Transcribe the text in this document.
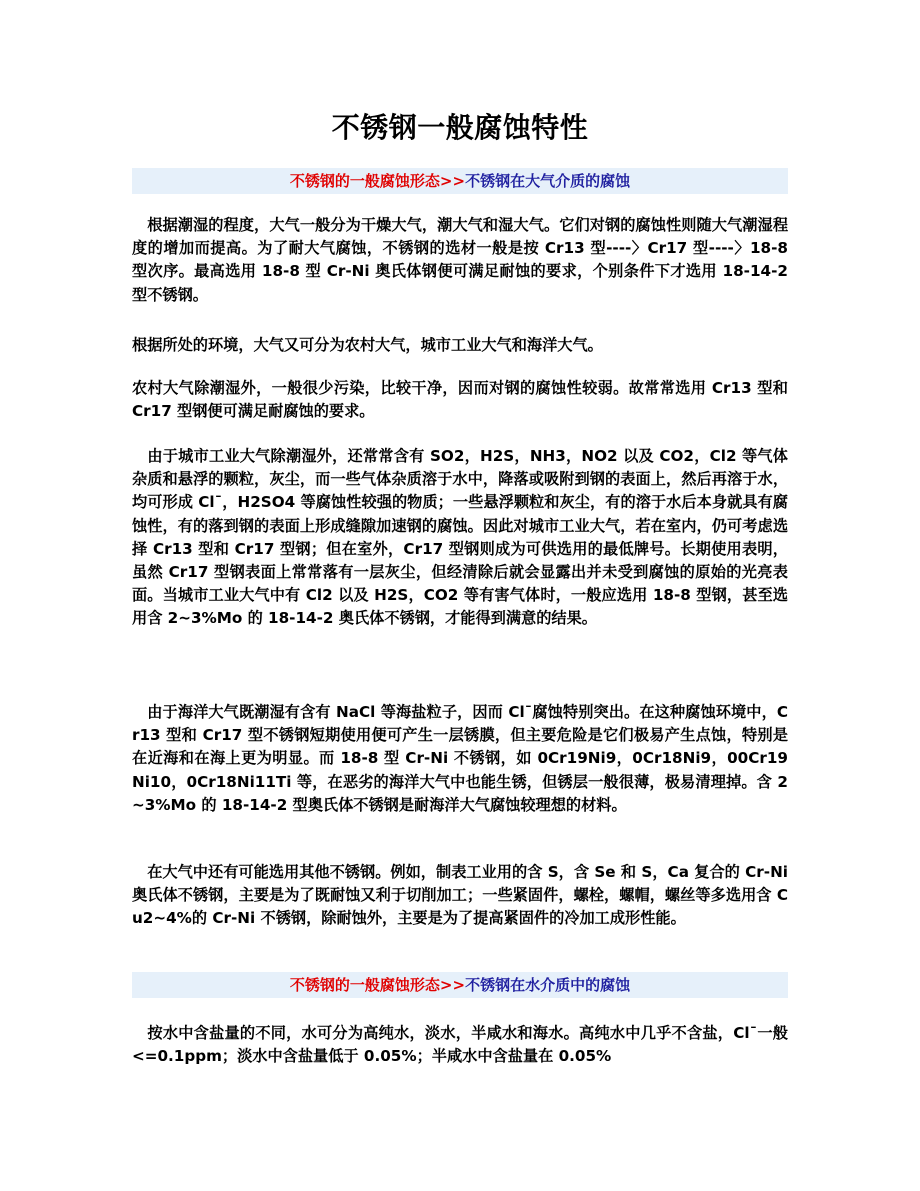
不锈钢一般腐蚀特性
不锈钢的一般腐蚀形态>>不锈钢在大气介质的腐蚀

　根据潮湿的程度，大气一般分为干燥大气，潮大气和湿大气。它们对钢的腐蚀性则随大气潮湿程度的增加而提高。为了耐大气腐蚀，不锈钢的选材一般是按 Cr13 型----〉Cr17 型----〉18-8 型次序。最高选用 18-8 型 Cr-Ni 奥氏体钢便可满足耐蚀的要求，个别条件下才选用 18-14-2 型不锈钢。

根据所处的环境，大气又可分为农村大气，城市工业大气和海洋大气。

农村大气除潮湿外，一般很少污染，比较干净，因而对钢的腐蚀性较弱。故常常选用 Cr13 型和 Cr17 型钢便可满足耐腐蚀的要求。

　由于城市工业大气除潮湿外，还常常含有 SO2，H2S，NH3，NO2 以及 CO2，Cl2 等气体杂质和悬浮的颗粒，灰尘，而一些气体杂质溶于水中，降落或吸附到钢的表面上，然后再溶于水，均可形成 Cl¯，H2SO4 等腐蚀性较强的物质；一些悬浮颗粒和灰尘，有的溶于水后本身就具有腐蚀性，有的落到钢的表面上形成缝隙加速钢的腐蚀。因此对城市工业大气，若在室内，仍可考虑选择 Cr13 型和 Cr17 型钢；但在室外，Cr17 型钢则成为可供选用的最低牌号。长期使用表明，虽然 Cr17 型钢表面上常常落有一层灰尘，但经清除后就会显露出并未受到腐蚀的原始的光亮表面。当城市工业大气中有 Cl2 以及 H2S，CO2 等有害气体时，一般应选用 18-8 型钢，甚至选用含 2~3%Mo 的 18-14-2 奥氏体不锈钢，才能得到满意的结果。

　由于海洋大气既潮湿有含有 NaCl 等海盐粒子，因而 Cl¯腐蚀特别突出。在这种腐蚀环境中，Cr13 型和 Cr17 型不锈钢短期使用便可产生一层锈膜，但主要危险是它们极易产生点蚀，特别是在近海和在海上更为明显。而 18-8 型 Cr-Ni 不锈钢，如 0Cr19Ni9，0Cr18Ni9，00Cr19Ni10，0Cr18Ni11Ti 等，在恶劣的海洋大气中也能生锈，但锈层一般很薄，极易清理掉。含 2~3%Mo 的 18-14-2 型奥氏体不锈钢是耐海洋大气腐蚀较理想的材料。

　在大气中还有可能选用其他不锈钢。例如，制表工业用的含 S，含 Se 和 S，Ca 复合的 Cr-Ni 奥氏体不锈钢，主要是为了既耐蚀又利于切削加工；一些紧固件，螺栓，螺帽，螺丝等多选用含 Cu2~4%的 Cr-Ni 不锈钢，除耐蚀外，主要是为了提高紧固件的冷加工成形性能。

不锈钢的一般腐蚀形态>>不锈钢在水介质中的腐蚀

　按水中含盐量的不同，水可分为高纯水，淡水，半咸水和海水。高纯水中几乎不含盐，Cl¯一般<=0.1ppm；淡水中含盐量低于 0.05%；半咸水中含盐量在 0.05%
